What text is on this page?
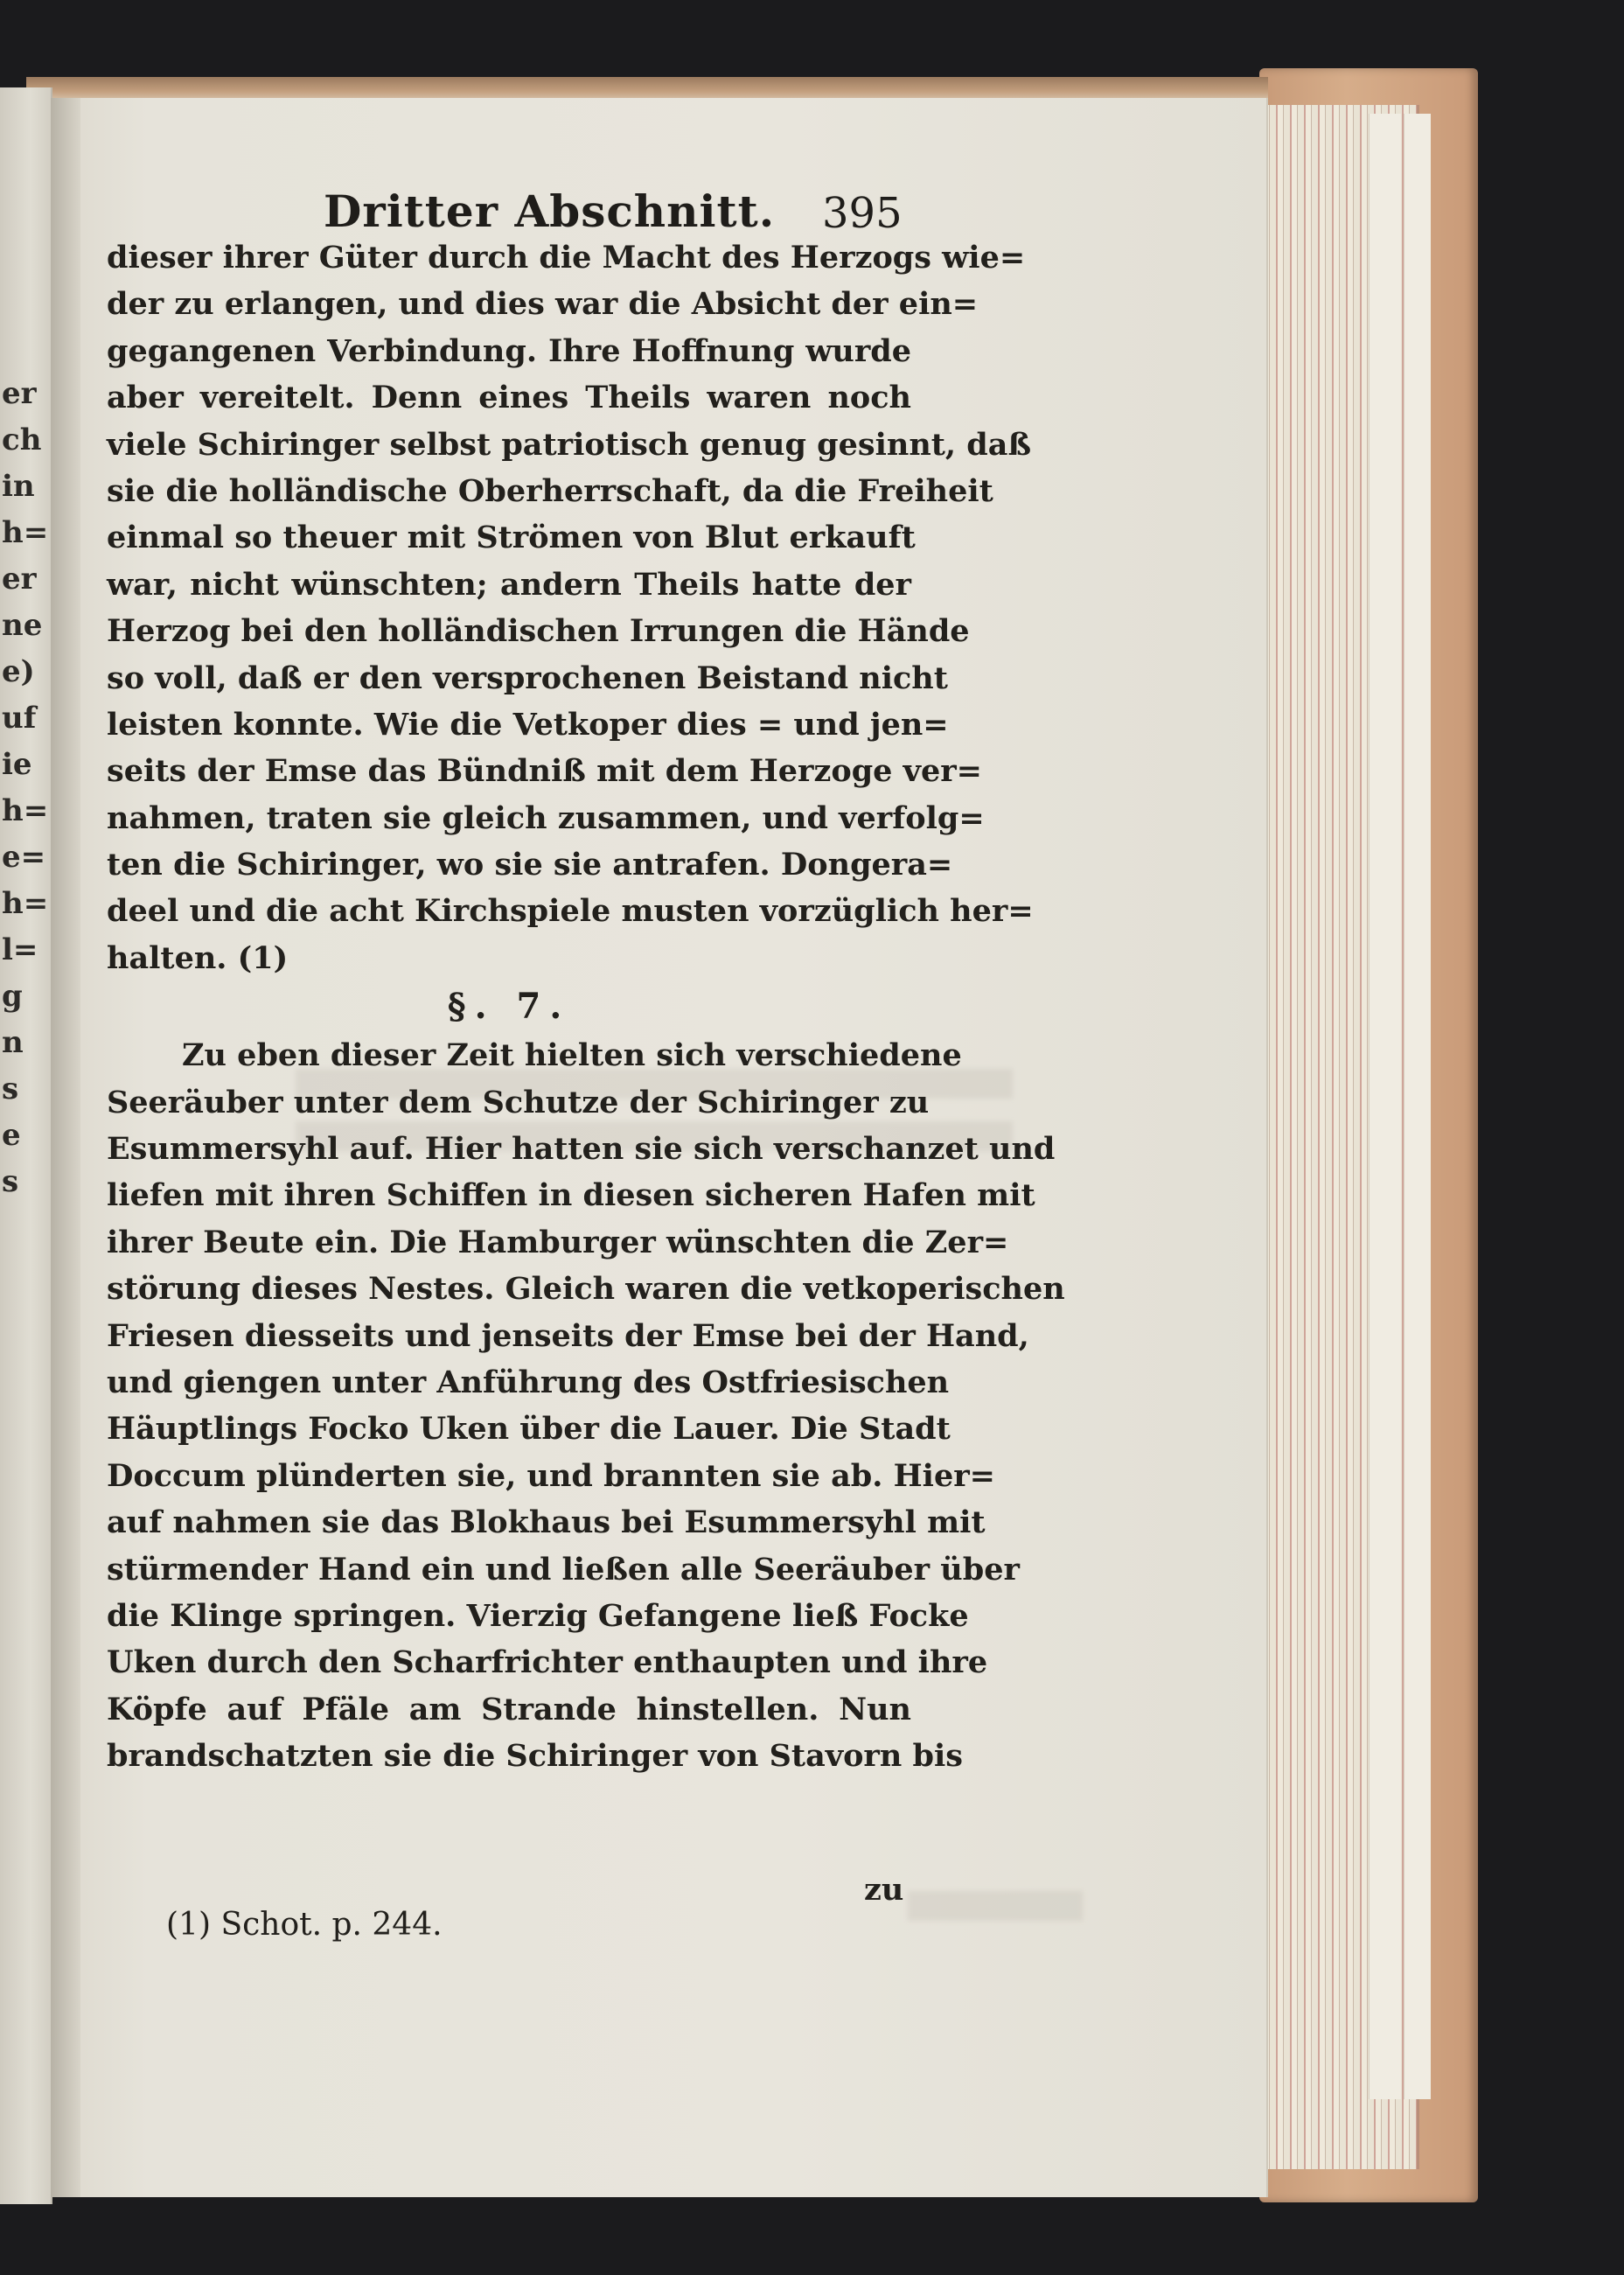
er
ch
in
h=
er
ne
e)
uf
ie
h=
e=
h=
l=
g
n
s
e
s
Dritter Abschnitt. 395
dieser ihrer Güter durch die Macht des Herzogs wie=
der zu erlangen, und dies war die Absicht der ein=
gegangenen Verbindung. Ihre Hoffnung wurde
aber vereitelt. Denn eines Theils waren noch
viele Schiringer selbst patriotisch genug gesinnt, daß
sie die holländische Oberherrschaft, da die Freiheit
einmal so theuer mit Strömen von Blut erkauft
war, nicht wünschten; andern Theils hatte der
Herzog bei den holländischen Irrungen die Hände
so voll, daß er den versprochenen Beistand nicht
leisten konnte. Wie die Vetkoper dies = und jen=
seits der Emse das Bündniß mit dem Herzoge ver=
nahmen, traten sie gleich zusammen, und verfolg=
ten die Schiringer, wo sie sie antrafen. Dongera=
deel und die acht Kirchspiele musten vorzüglich her=
halten. (1)
§. 7.
Zu eben dieser Zeit hielten sich verschiedene
Seeräuber unter dem Schutze der Schiringer zu
Esummersyhl auf. Hier hatten sie sich verschanzet und
liefen mit ihren Schiffen in diesen sicheren Hafen mit
ihrer Beute ein. Die Hamburger wünschten die Zer=
störung dieses Nestes. Gleich waren die vetkoperischen
Friesen diesseits und jenseits der Emse bei der Hand,
und giengen unter Anführung des Ostfriesischen
Häuptlings Focko Uken über die Lauer. Die Stadt
Doccum plünderten sie, und brannten sie ab. Hier=
auf nahmen sie das Blokhaus bei Esummersyhl mit
stürmender Hand ein und ließen alle Seeräuber über
die Klinge springen. Vierzig Gefangene ließ Focke
Uken durch den Scharfrichter enthaupten und ihre
Köpfe auf Pfäle am Strande hinstellen. Nun
brandschatzten sie die Schiringer von Stavorn bis
zu
(1) Schot. p. 244.
